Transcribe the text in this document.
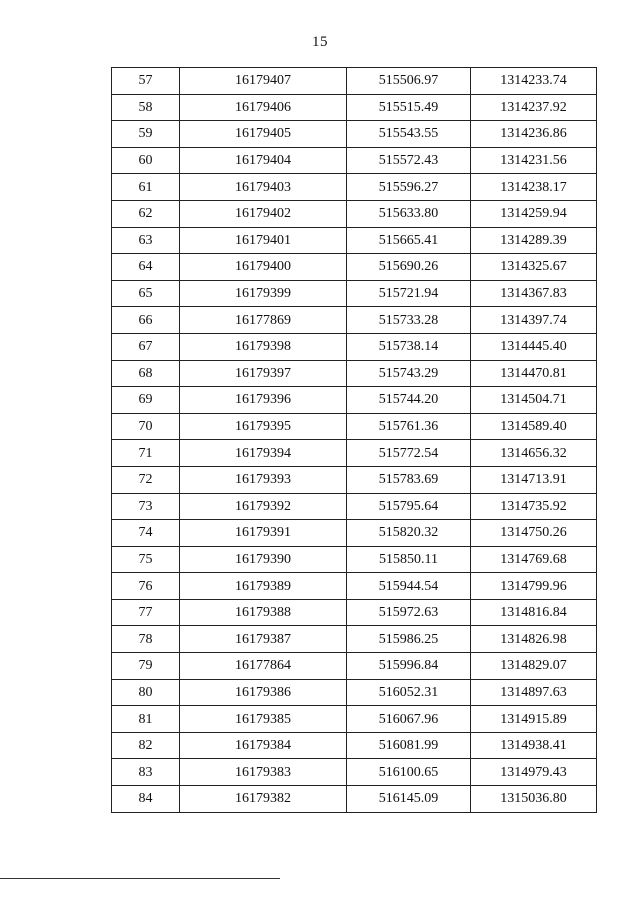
15
57	16179407	515506.97	1314233.74
58	16179406	515515.49	1314237.92
59	16179405	515543.55	1314236.86
60	16179404	515572.43	1314231.56
61	16179403	515596.27	1314238.17
62	16179402	515633.80	1314259.94
63	16179401	515665.41	1314289.39
64	16179400	515690.26	1314325.67
65	16179399	515721.94	1314367.83
66	16177869	515733.28	1314397.74
67	16179398	515738.14	1314445.40
68	16179397	515743.29	1314470.81
69	16179396	515744.20	1314504.71
70	16179395	515761.36	1314589.40
71	16179394	515772.54	1314656.32
72	16179393	515783.69	1314713.91
73	16179392	515795.64	1314735.92
74	16179391	515820.32	1314750.26
75	16179390	515850.11	1314769.68
76	16179389	515944.54	1314799.96
77	16179388	515972.63	1314816.84
78	16179387	515986.25	1314826.98
79	16177864	515996.84	1314829.07
80	16179386	516052.31	1314897.63
81	16179385	516067.96	1314915.89
82	16179384	516081.99	1314938.41
83	16179383	516100.65	1314979.43
84	16179382	516145.09	1315036.80
